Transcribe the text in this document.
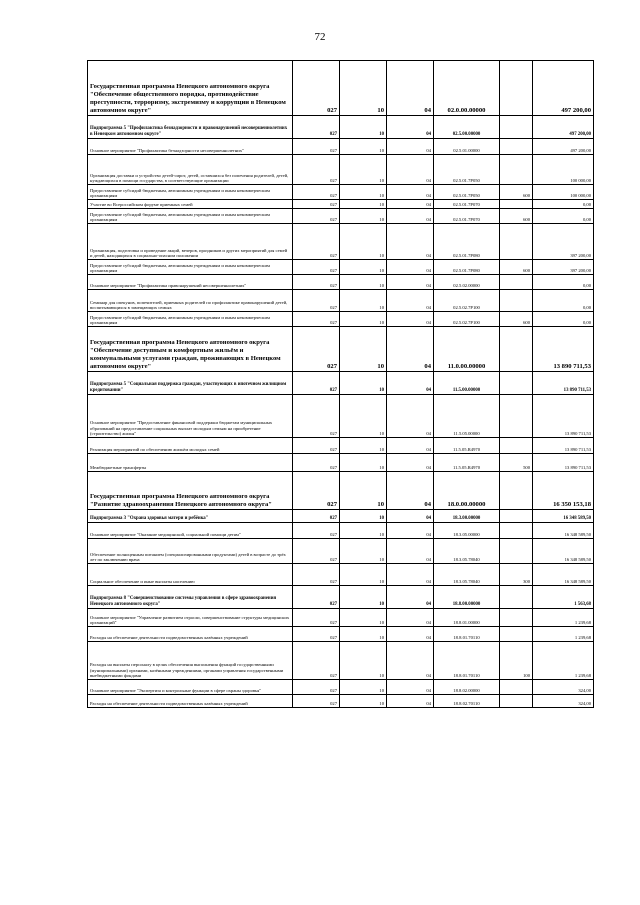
72
Государственная программа Ненецкого автономного округа "Обеспечение общественного порядка, противодействие преступности, терроризму, экстремизму и коррупции в Ненецком автономном округе"	027	10	04	02.0.00.00000		497 200,00
Подпрограмма 5 "Профилактика безнадзорности и правонарушений несовершеннолетних в Ненецком автономном округе"	027	10	04	02.5.00.00000		497 200,00
Основное мероприятие "Профилактика безнадзорности несовершеннолетних"	027	10	04	02.5.01.00000		497 200,00
Организация доставки и устройство детей-сирот, детей, оставшихся без попечения родителей, детей, нуждающихся в помощи государства, в соответствующие организации	027	10	04	02.5.01.7Р050		100 000,00
Предоставление субсидий бюджетным, автономным учреждениям и иным некоммерческим организациям	027	10	04	02.5.01.7Р050	600	100 000,00
Участие во Всероссийском форуме приемных семей	027	10	04	02.5.01.7Р070		0,00
Предоставление субсидий бюджетным, автономным учреждениям и иным некоммерческим организациям	027	10	04	02.5.01.7Р070	600	0,00
Организация, подготовка и проведение акций, вечеров, праздников и других мероприятий для семей и детей, находящихся в социально-опасном положении	027	10	04	02.5.01.7Р080		397 200,00
Предоставление субсидий бюджетным, автономным учреждениям и иным некоммерческим организациям	027	10	04	02.5.01.7Р080	600	397 200,00
Основное мероприятие "Профилактика правонарушений несовершеннолетних"	027	10	04	02.5.02.00000		0,00
Семинар для опекунов, попечителей, приемных родителей по профилактике правонарушений детей, воспитывающихся в замещающих семьях	027	10	04	02.5.02.7Р100		0,00
Предоставление субсидий бюджетным, автономным учреждениям и иным некоммерческим организациям	027	10	04	02.5.02.7Р100	600	0,00
Государственная программа Ненецкого автономного округа "Обеспечение доступным и комфортным жильём и коммунальными услугами граждан, проживающих в Ненецком автономном округе"	027	10	04	11.0.00.00000		13 890 711,53
Подпрограмма 5 "Социальная поддержка граждан, участвующих в ипотечном жилищном кредитовании"	027	10	04	11.5.00.00000		13 890 711,53
Основное мероприятие "Предоставление финансовой поддержки бюджетам муниципальных образований на предоставление социальных выплат молодым семьям на приобретение (строительство) жилья"	027	10	04	11.5.05.00000		13 890 711,53
Реализация мероприятий по обеспечению жильём молодых семей	027	10	04	11.5.05.R4970		13 890 711,53
Межбюджетные трансферты	027	10	04	11.5.05.R4970	500	13 890 711,53
Государственная программа Ненецкого автономного округа "Развитие здравоохранения Ненецкого автономного округа"	027	10	04	18.0.00.00000		16 350 153,18
Подпрограмма 3 "Охрана здоровья матери и ребёнка"	027	10	04	18.3.00.00000		16 348 589,50
Основное мероприятие "Оказание медицинской, социальной помощи детям"	027	10	04	18.3.05.00000		16 348 589,50
Обеспечение полноценным питанием (специализированными продуктами) детей в возрасте до трёх лет по заключению врача	027	10	04	18.3.05.78040		16 348 589,50
Социальное обеспечение и иные выплаты населению	027	10	04	18.3.05.78040	300	16 348 589,50
Подпрограмма 8 "Совершенствование системы управления в сфере здравоохранения Ненецкого автономного округа"	027	10	04	18.8.00.00000		1 563,68
Основное мероприятие "Управление развитием отрасли, совершенствование структуры медицинских организаций"	027	10	04	18.8.01.00000		1 239,68
Расходы на обеспечение деятельности подведомственных казённых учреждений	027	10	04	18.8.01.70110		1 239,68
Расходы на выплаты персоналу в целях обеспечения выполнения функций государственными (муниципальными) органами, казёнными учреждениями, органами управления государственными внебюджетными фондами	027	10	04	18.8.01.70110	100	1 239,68
Основное мероприятие "Экспертиза и контрольные функции в сфере охраны здоровья"	027	10	04	18.8.02.00000		324,00
Расходы на обеспечение деятельности подведомственных казённых учреждений	027	10	04	18.8.02.70110		324,00
